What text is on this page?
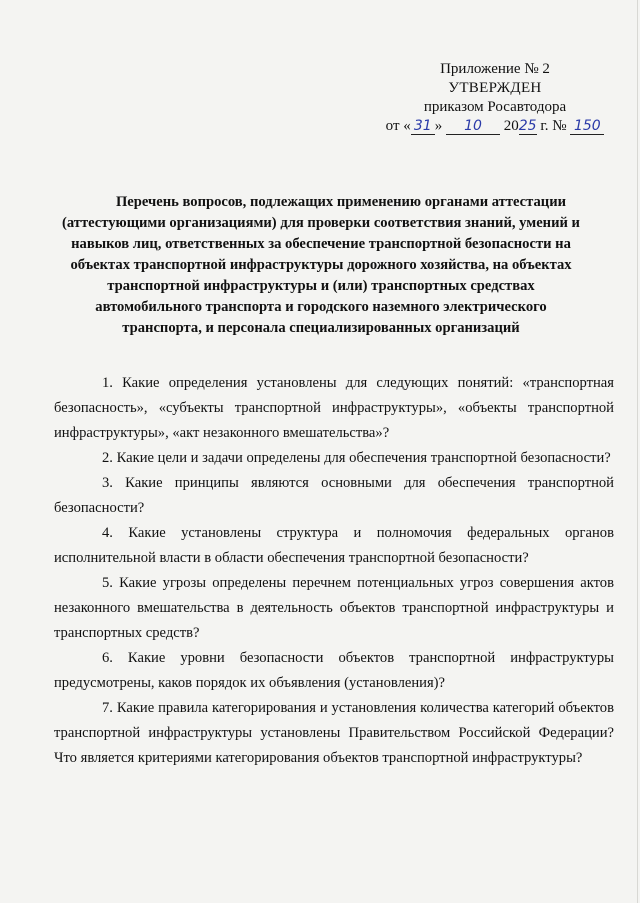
Приложение № 2
УТВЕРЖДЕН
приказом Росавтодора
от « 31 » 10 2025 г. № 150
Перечень вопросов, подлежащих применению органами аттестации
(аттестующими организациями) для проверки соответствия знаний, умений и
навыков лиц, ответственных за обеспечение транспортной безопасности на
объектах транспортной инфраструктуры дорожного хозяйства, на объектах
транспортной инфраструктуры и (или) транспортных средствах
автомобильного транспорта и городского наземного электрического
транспорта, и персонала специализированных организаций

1. Какие определения установлены для следующих понятий: «транспортная безопасность», «субъекты транспортной инфраструктуры», «объекты транспортной инфраструктуры», «акт незаконного вмешательства»?

2. Какие цели и задачи определены для обеспечения транспортной безопасности?

3. Какие принципы являются основными для обеспечения транспортной безопасности?

4. Какие установлены структура и полномочия федеральных органов исполнительной власти в области обеспечения транспортной безопасности?

5. Какие угрозы определены перечнем потенциальных угроз совершения актов незаконного вмешательства в деятельность объектов транспортной инфраструктуры и транспортных средств?

6. Какие уровни безопасности объектов транспортной инфраструктуры предусмотрены, каков порядок их объявления (установления)?

7. Какие правила категорирования и установления количества категорий объектов транспортной инфраструктуры установлены Правительством Российской Федерации? Что является критериями категорирования объектов транспортной инфраструктуры?
